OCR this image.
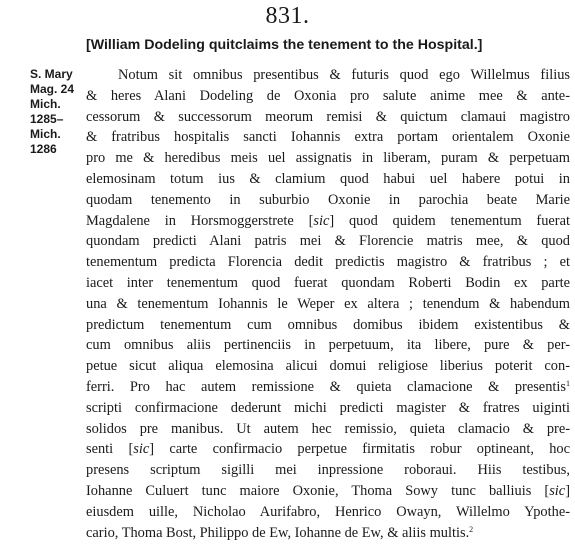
831.
[William Dodeling quitclaims the tenement to the Hospital.]
S. Mary
Mag. 24
Mich.
1285–
Mich.
1286
Notum sit omnibus presentibus & futuris quod ego Willelmus filius
& heres Alani Dodeling de Oxonia pro salute anime mee & ante-
cessorum & successorum meorum remisi & quictum clamaui magistro
& fratribus hospitalis sancti Iohannis extra portam orientalem Oxonie
pro me & heredibus meis uel assignatis in liberam, puram & perpetuam
elemosinam totum ius & clamium quod habui uel habere potui in
quodam tenemento in suburbio Oxonie in parochia beate Marie
Magdalene in Horsmoggerstrete [sic] quod quidem tenementum fuerat
quondam predicti Alani patris mei & Florencie matris mee, & quod
tenementum predicta Florencia dedit predictis magistro & fratribus ; et
iacet inter tenementum quod fuerat quondam Roberti Bodin ex parte
una & tenementum Iohannis le Weper ex altera ; tenendum & habendum
predictum tenementum cum omnibus domibus ibidem existentibus &
cum omnibus aliis pertinenciis in perpetuum, ita libere, pure & per-
petue sicut aliqua elemosina alicui domui religiose liberius poterit con-
ferri. Pro hac autem remissione & quieta clamacione & presentis$^1$
scripti confirmacione dederunt michi predicti magister & fratres uiginti
solidos pre manibus. Ut autem hec remissio, quieta clamacio & pre-
senti [sic] carte confirmacio perpetue firmitatis robur optineant, hoc
presens scriptum sigilli mei inpressione roboraui. Hiis testibus,
Iohanne Culuert tunc maiore Oxonie, Thoma Sowy tunc balliuis [sic]
eiusdem uille, Nicholao Aurifabro, Henrico Owayn, Willelmo Ypothe-
cario, Thoma Bost, Philippo de Ew, Iohanne de Ew, & aliis multis.$^2$
